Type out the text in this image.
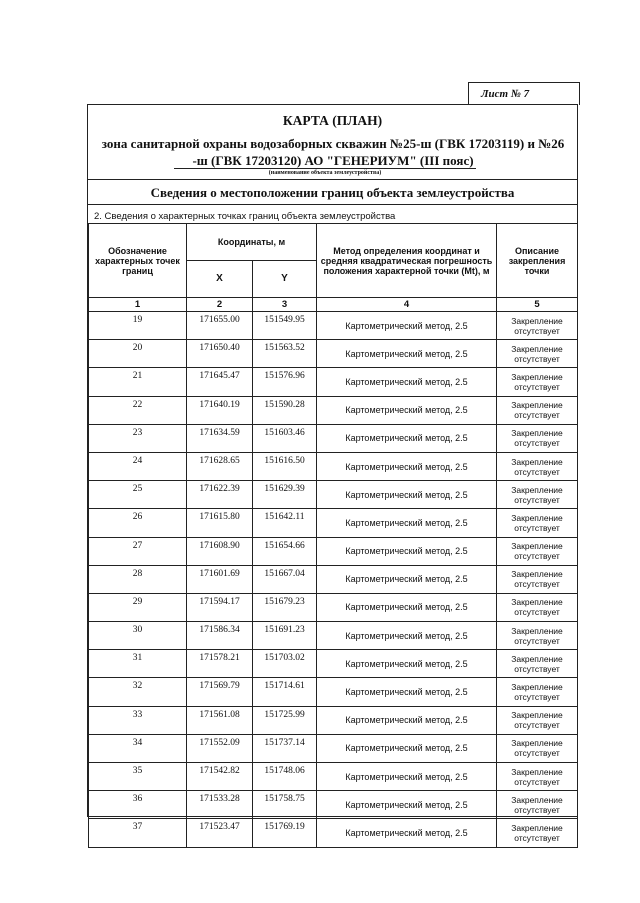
Лист № 7
КАРТА (ПЛАН)
зона санитарной охраны водозаборных скважин №25-ш (ГВК 17203119) и №26 -ш (ГВК 17203120) АО "ГЕНЕРИУМ" (III пояс)
(наименование объекта землеустройства)
Сведения о местоположении границ объекта землеустройства
2. Сведения о характерных точках границ объекта землеустройства
Обозначение характерных точек границ	Координаты, м		Метод определения координат и средняя квадратическая погрешность положения характерной точки (Mt), м	Описание закрепления точки
	X	Y		
1	2	3	4	5
19	171655.00	151549.95	Картометрический метод, 2.5	Закрепление отсутствует
20	171650.40	151563.52	Картометрический метод, 2.5	Закрепление отсутствует
21	171645.47	151576.96	Картометрический метод, 2.5	Закрепление отсутствует
22	171640.19	151590.28	Картометрический метод, 2.5	Закрепление отсутствует
23	171634.59	151603.46	Картометрический метод, 2.5	Закрепление отсутствует
24	171628.65	151616.50	Картометрический метод, 2.5	Закрепление отсутствует
25	171622.39	151629.39	Картометрический метод, 2.5	Закрепление отсутствует
26	171615.80	151642.11	Картометрический метод, 2.5	Закрепление отсутствует
27	171608.90	151654.66	Картометрический метод, 2.5	Закрепление отсутствует
28	171601.69	151667.04	Картометрический метод, 2.5	Закрепление отсутствует
29	171594.17	151679.23	Картометрический метод, 2.5	Закрепление отсутствует
30	171586.34	151691.23	Картометрический метод, 2.5	Закрепление отсутствует
31	171578.21	151703.02	Картометрический метод, 2.5	Закрепление отсутствует
32	171569.79	151714.61	Картометрический метод, 2.5	Закрепление отсутствует
33	171561.08	151725.99	Картометрический метод, 2.5	Закрепление отсутствует
34	171552.09	151737.14	Картометрический метод, 2.5	Закрепление отсутствует
35	171542.82	151748.06	Картометрический метод, 2.5	Закрепление отсутствует
36	171533.28	151758.75	Картометрический метод, 2.5	Закрепление отсутствует
37	171523.47	151769.19	Картометрический метод, 2.5	Закрепление отсутствует
